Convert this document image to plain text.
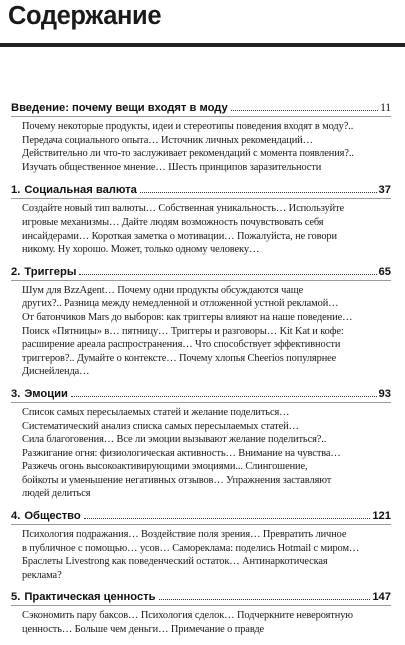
Содержание
Введение: почему вещи входят в моду	11
Почему некоторые продукты, идеи и стереотипы поведения входят в моду?..
Передача социального опыта… Источник личных рекомендаций…
Действительно ли что-то заслуживает рекомендаций с момента появления?..
Изучать общественное мнение… Шесть принципов заразительности
1. Социальная валюта	37
Создайте новый тип валюты… Собственная уникальность… Используйте
игровые механизмы… Дайте людям возможность почувствовать себя
инсайдерами… Короткая заметка о мотивации… Пожалуйста, не говори
никому. Ну хорошо. Может, только одному человеку…
2. Триггеры	65
Шум для BzzAgent… Почему одни продукты обсуждаются чаще
других?.. Разница между немедленной и отложенной устной рекламой…
От батончиков Mars до выборов: как триггеры влияют на наше поведение…
Поиск «Пятницы» в… пятницу… Триггеры и разговоры… Kit Kat и кофе:
расширение ареала распространения… Что способствует эффективности
триггеров?.. Думайте о контексте… Почему хлопья Cheerios популярнее
Диснейленда…
3. Эмоции	93
Список самых пересылаемых статей и желание поделиться…
Систематический анализ списка самых пересылаемых статей…
Сила благоговения… Все ли эмоции вызывают желание поделиться?..
Разжигание огня: физиологическая активность… Внимание на чувства…
Разжечь огонь высокоактивирующими эмоциями... Слингошение,
бойкоты и уменьшение негативных отзывов… Упражнения заставляют
людей делиться
4. Общество	121
Психология подражания… Воздействие поля зрения… Превратить личное
в публичное с помощью… усов… Самореклама: поделись Hotmail с миром…
Браслеты Livestrong как поведенческий остаток… Антинаркотическая
реклама?
5. Практическая ценность	147
Сэкономить пару баксов… Психология сделок… Подчеркните невероятную
ценность… Больше чем деньги… Примечание о правде
